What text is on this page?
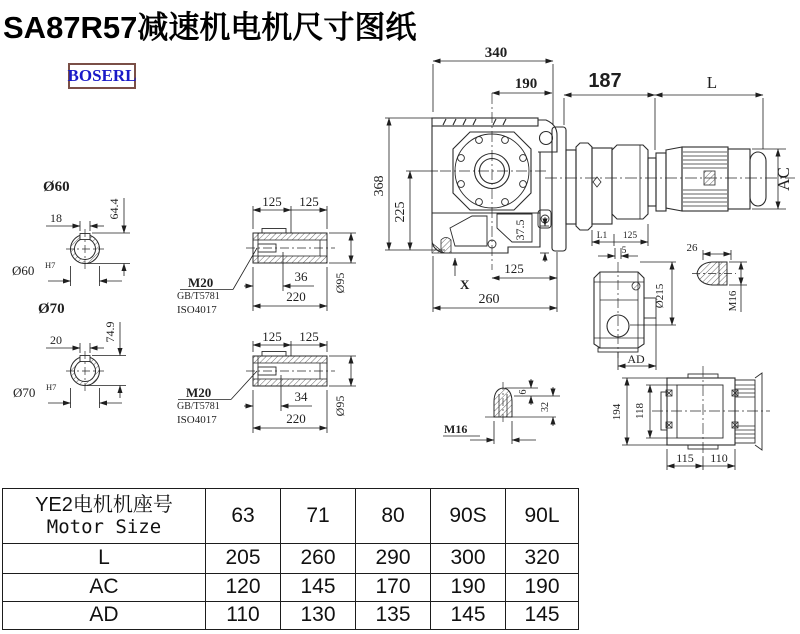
SA87R57减速机电机尺寸图纸
BOSERL
340
190
368
225
37.5
125
260
X
187	L
AC
L1 125
5
Ø215
AD
26
M16
M16
6
32	194 118
115 110
Ø60
18	64.4
Ø60 H7
Ø70
20	74.9
Ø70 H7
125 125
36
220
Ø95
125 125
34
220
Ø95
M20
GB/T5781
ISO4017
M20
GB/T5781
ISO4017
YE2电机机座号
Motor Size	63	71	80	90S	90L
L	205	260	290	300	320
AC	120	145	170	190	190
AD	110	130	135	145	145
